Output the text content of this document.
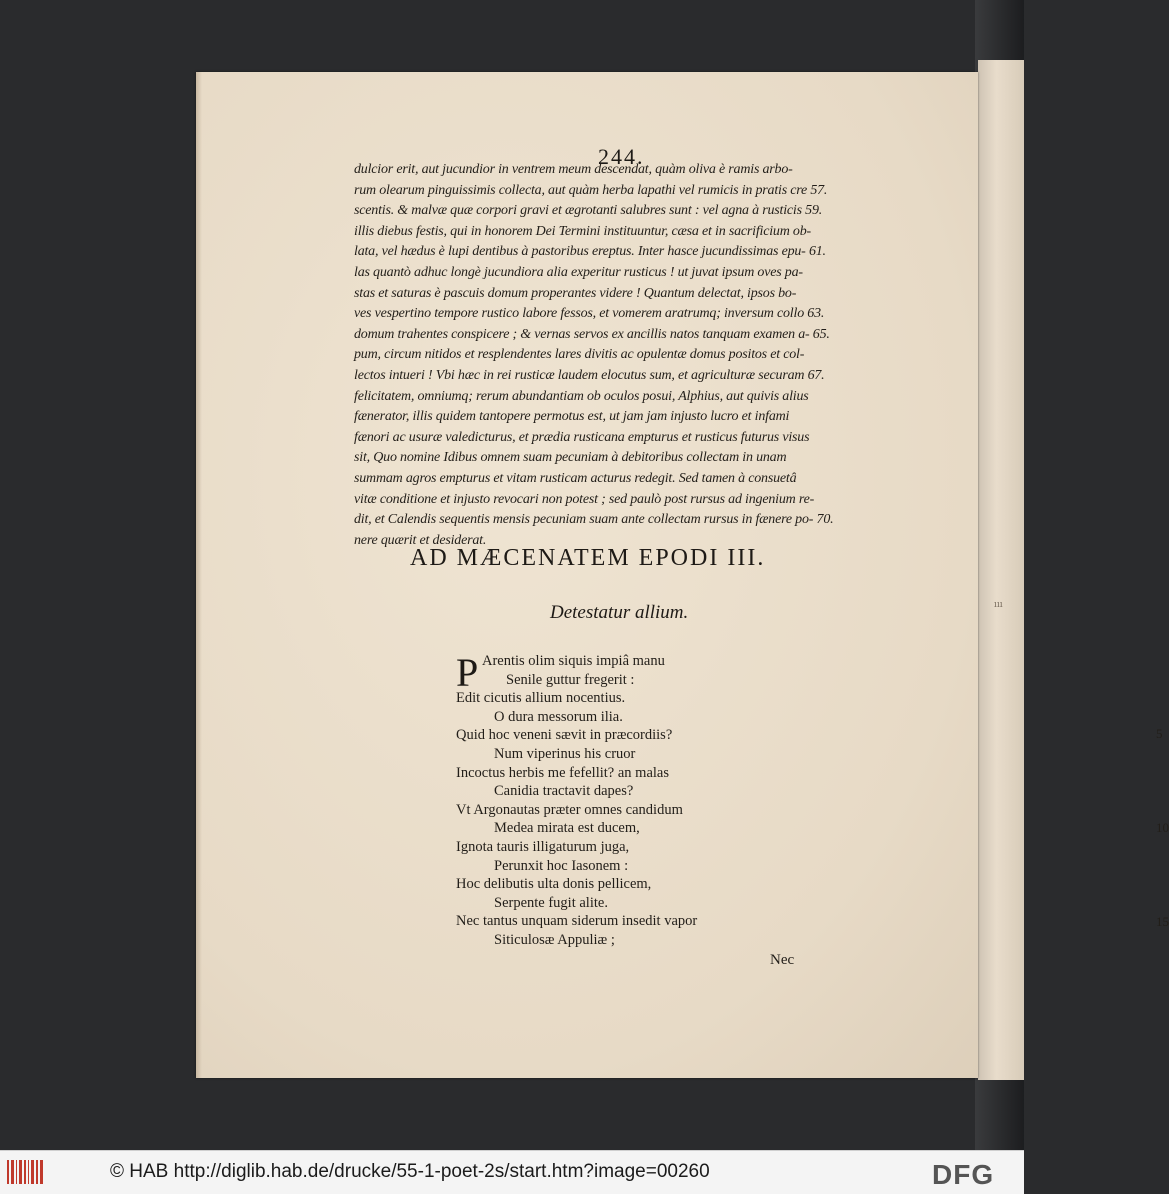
ııı
244.
dulcior erit, aut jucundior in ventrem meum descendat, quàm oliva è ramis arbo-
rum olearum pinguissimis collecta, aut quàm herba lapathi vel rumicis in pratis cre 57.
scentis. & malvæ quæ corpori gravi et ægrotanti salubres sunt : vel agna à rusticis 59.
illis diebus festis, qui in honorem Dei Termini instituuntur, cæsa et in sacrificium ob-
lata, vel hædus è lupi dentibus à pastoribus ereptus. Inter hasce jucundissimas epu- 61.
las quantò adhuc longè jucundiora alia experitur rusticus ! ut juvat ipsum oves pa-
stas et saturas è pascuis domum properantes videre ! Quantum delectat, ipsos bo-
ves vespertino tempore rustico labore fessos, et vomerem aratrumq; inversum collo 63.
domum trahentes conspicere ; & vernas servos ex ancillis natos tanquam examen a- 65.
pum, circum nitidos et resplendentes lares divitis ac opulentæ domus positos et col-
lectos intueri ! Vbi hæc in rei rusticæ laudem elocutus sum, et agriculturæ securam 67.
felicitatem, omniumq; rerum abundantiam ob oculos posui, Alphius, aut quivis alius
fænerator, illis quidem tantopere permotus est, ut jam jam injusto lucro et infami
fænori ac usuræ valedicturus, et prædia rusticana empturus et rusticus futurus visus
sit, Quo nomine Idibus omnem suam pecuniam à debitoribus collectam in unam
summam agros empturus et vitam rusticam acturus redegit. Sed tamen à consuetâ
vitæ conditione et injusto revocari non potest ; sed paulò post rursus ad ingenium re-
dit, et Calendis sequentis mensis pecuniam suam ante collectam rursus in fænere po- 70.
nere quærit et desiderat.
AD MÆCENATEM EPODI III.
Detestatur allium.
P Arentis olim siquis impiâ manu
Senile guttur fregerit :
Edit cicutis allium nocentius.
O dura messorum ilia.
Quid hoc veneni sævit in præcordiis?
Num viperinus his cruor
Incoctus herbis me fefellit? an malas
Canidia tractavit dapes?
Vt Argonautas præter omnes candidum
Medea mirata est ducem,
Ignota tauris illigaturum juga,
Perunxit hoc Iasonem :
Hoc delibutis ulta donis pellicem,
Serpente fugit alite.
Nec tantus unquam siderum insedit vapor
Siticulosæ Appuliæ ;
5
10
15
Nec
© HAB http://diglib.hab.de/drucke/55-1-poet-2s/start.htm?image=00260	DFG
